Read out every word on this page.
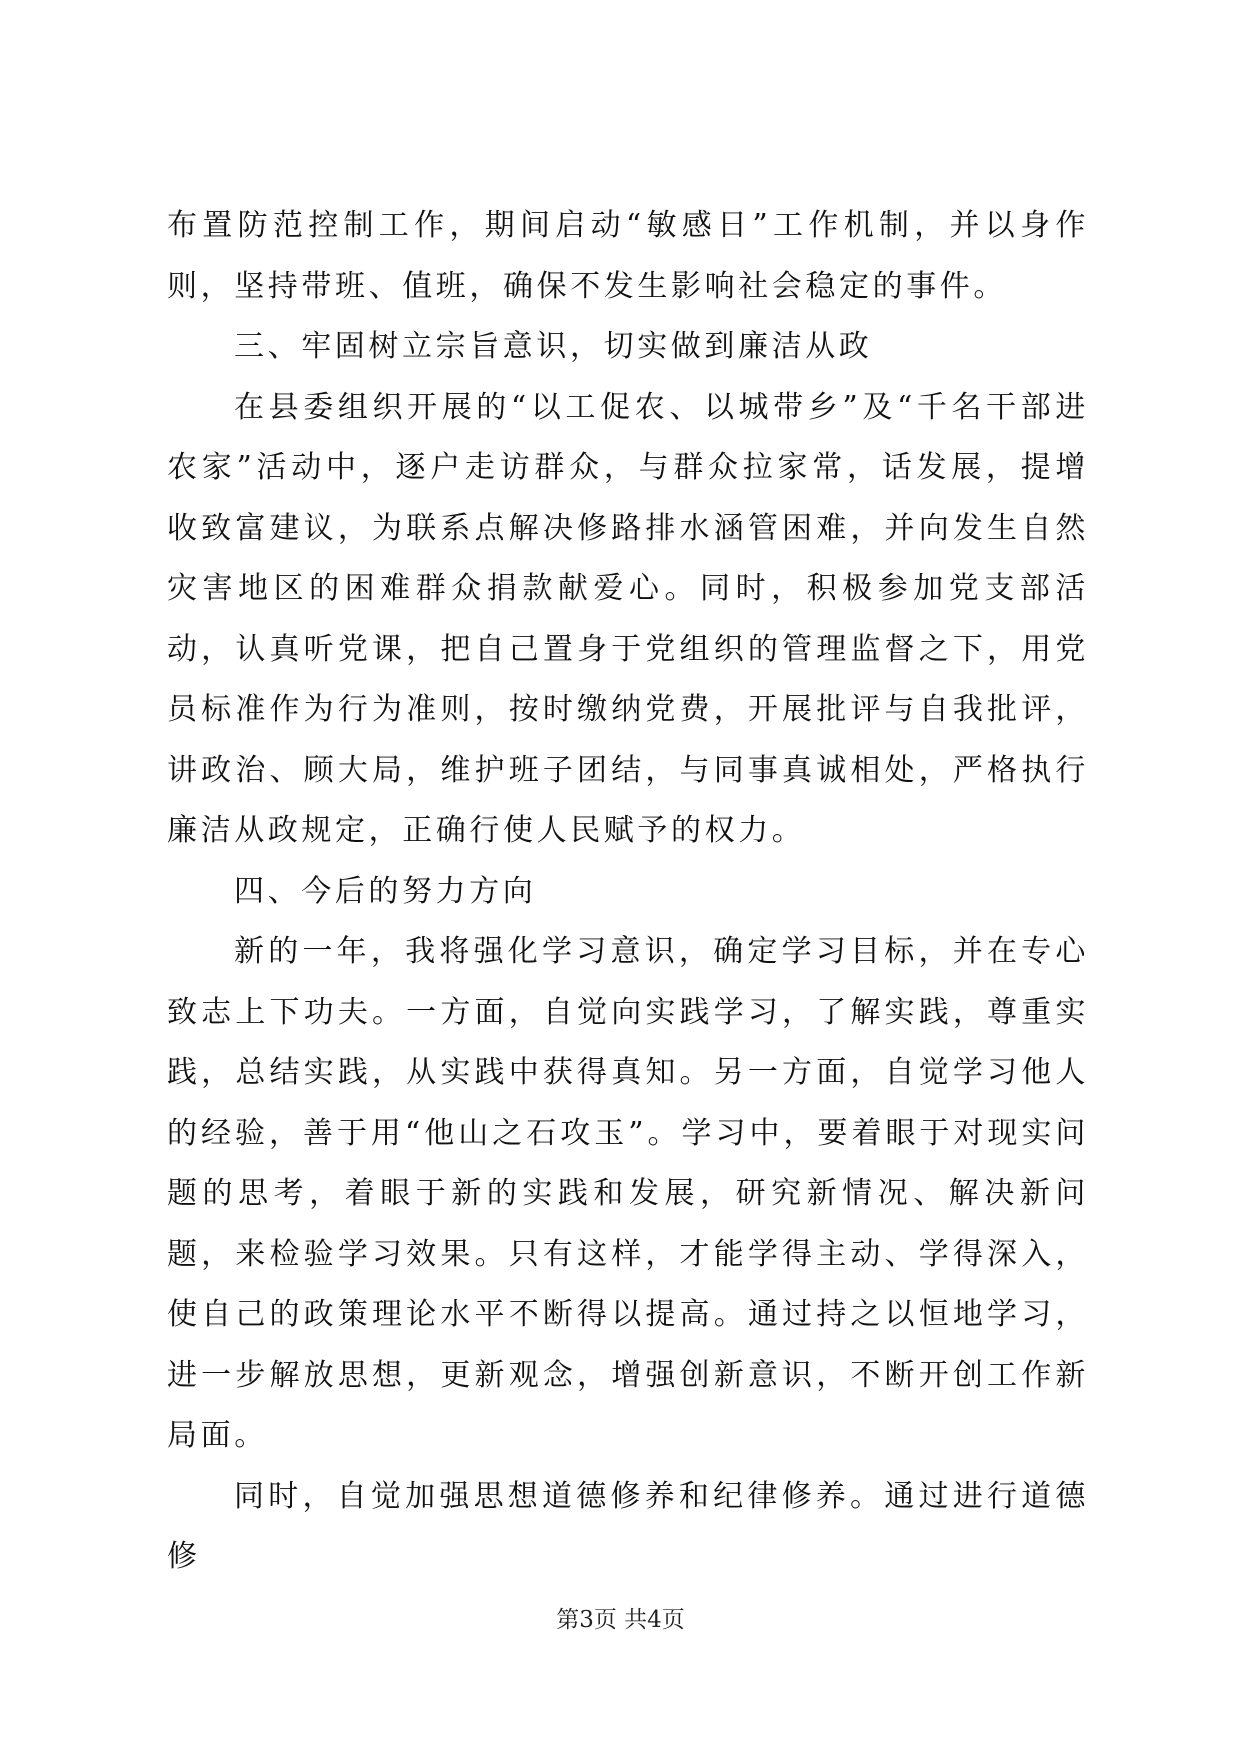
布置防范控制工作，期间启动“敏感日”工作机制，并以身作则，坚持带班、值班，确保不发生影响社会稳定的事件。

三、牢固树立宗旨意识，切实做到廉洁从政

在县委组织开展的“以工促农、以城带乡”及“千名干部进农家”活动中，逐户走访群众，与群众拉家常，话发展，提增收致富建议，为联系点解决修路排水涵管困难，并向发生自然灾害地区的困难群众捐款献爱心。同时，积极参加党支部活动，认真听党课，把自己置身于党组织的管理监督之下，用党员标准作为行为准则，按时缴纳党费，开展批评与自我批评，讲政治、顾大局，维护班子团结，与同事真诚相处，严格执行廉洁从政规定，正确行使人民赋予的权力。

四、今后的努力方向

新的一年，我将强化学习意识，确定学习目标，并在专心致志上下功夫。一方面，自觉向实践学习，了解实践，尊重实践，总结实践，从实践中获得真知。另一方面，自觉学习他人的经验，善于用“他山之石攻玉”。学习中，要着眼于对现实问题的思考，着眼于新的实践和发展，研究新情况、解决新问题，来检验学习效果。只有这样，才能学得主动、学得深入，使自己的政策理论水平不断得以提高。通过持之以恒地学习，进一步解放思想，更新观念，增强创新意识，不断开创工作新局面。

同时，自觉加强思想道德修养和纪律修养。通过进行道德修

第3页 共4页
